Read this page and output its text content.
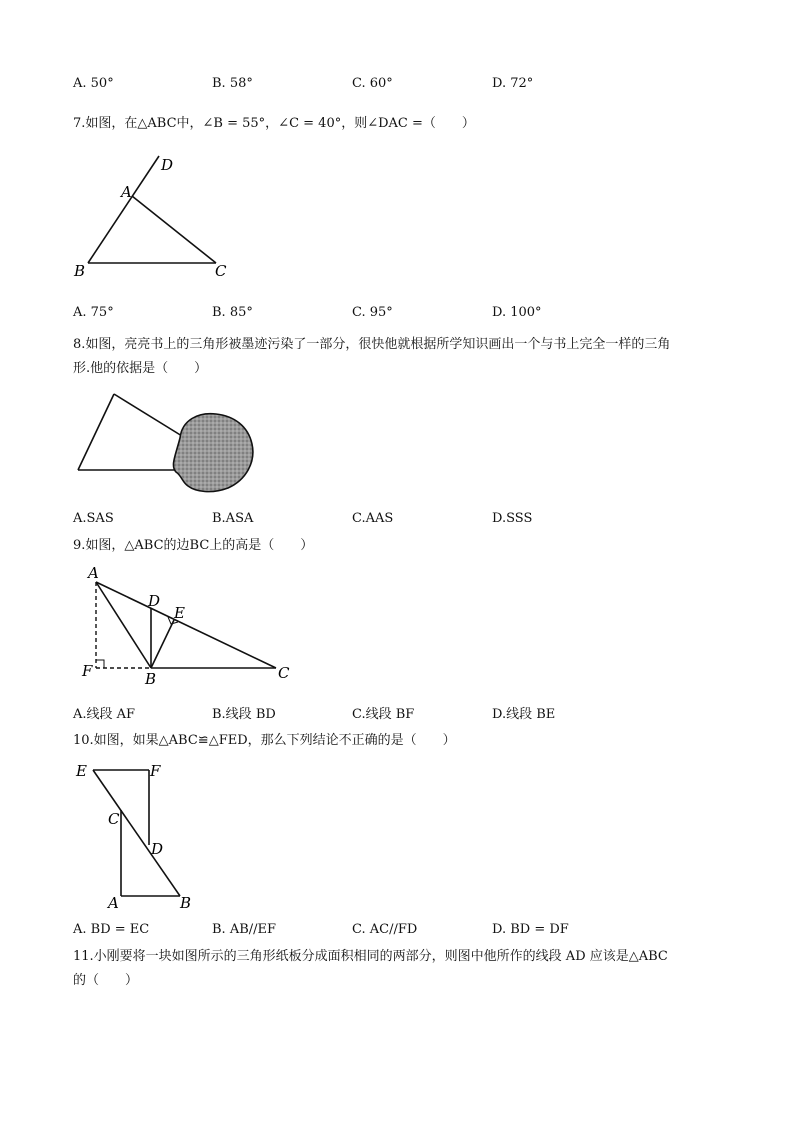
A. 50°	B. 58°	C. 60°	D. 72°
7.如图，在△ABC中，∠B = 55°，∠C = 40°，则∠DAC =（　　）
D
A
B	C
A. 75°	B. 85°	C. 95°	D. 100°
8.如图，亮亮书上的三角形被墨迹污染了一部分，很快他就根据所学知识画出一个与书上完全一样的三角
形.他的依据是（　　）
A.SAS	B.ASA	C.AAS	D.SSS
9.如图，△ABC的边BC上的高是（　　）
A
D
E
F	B	C
A.线段 AF	B.线段 BD	C.线段 BF	D.线段 BE
10.如图，如果△ABC≌△FED，那么下列结论不正确的是（　　）
E	F
C
D
A	B
A. BD = EC	B. AB//EF	C. AC//FD	D. BD = DF
11.小刚要将一块如图所示的三角形纸板分成面积相同的两部分，则图中他所作的线段 AD 应该是△ABC
的（　　）
